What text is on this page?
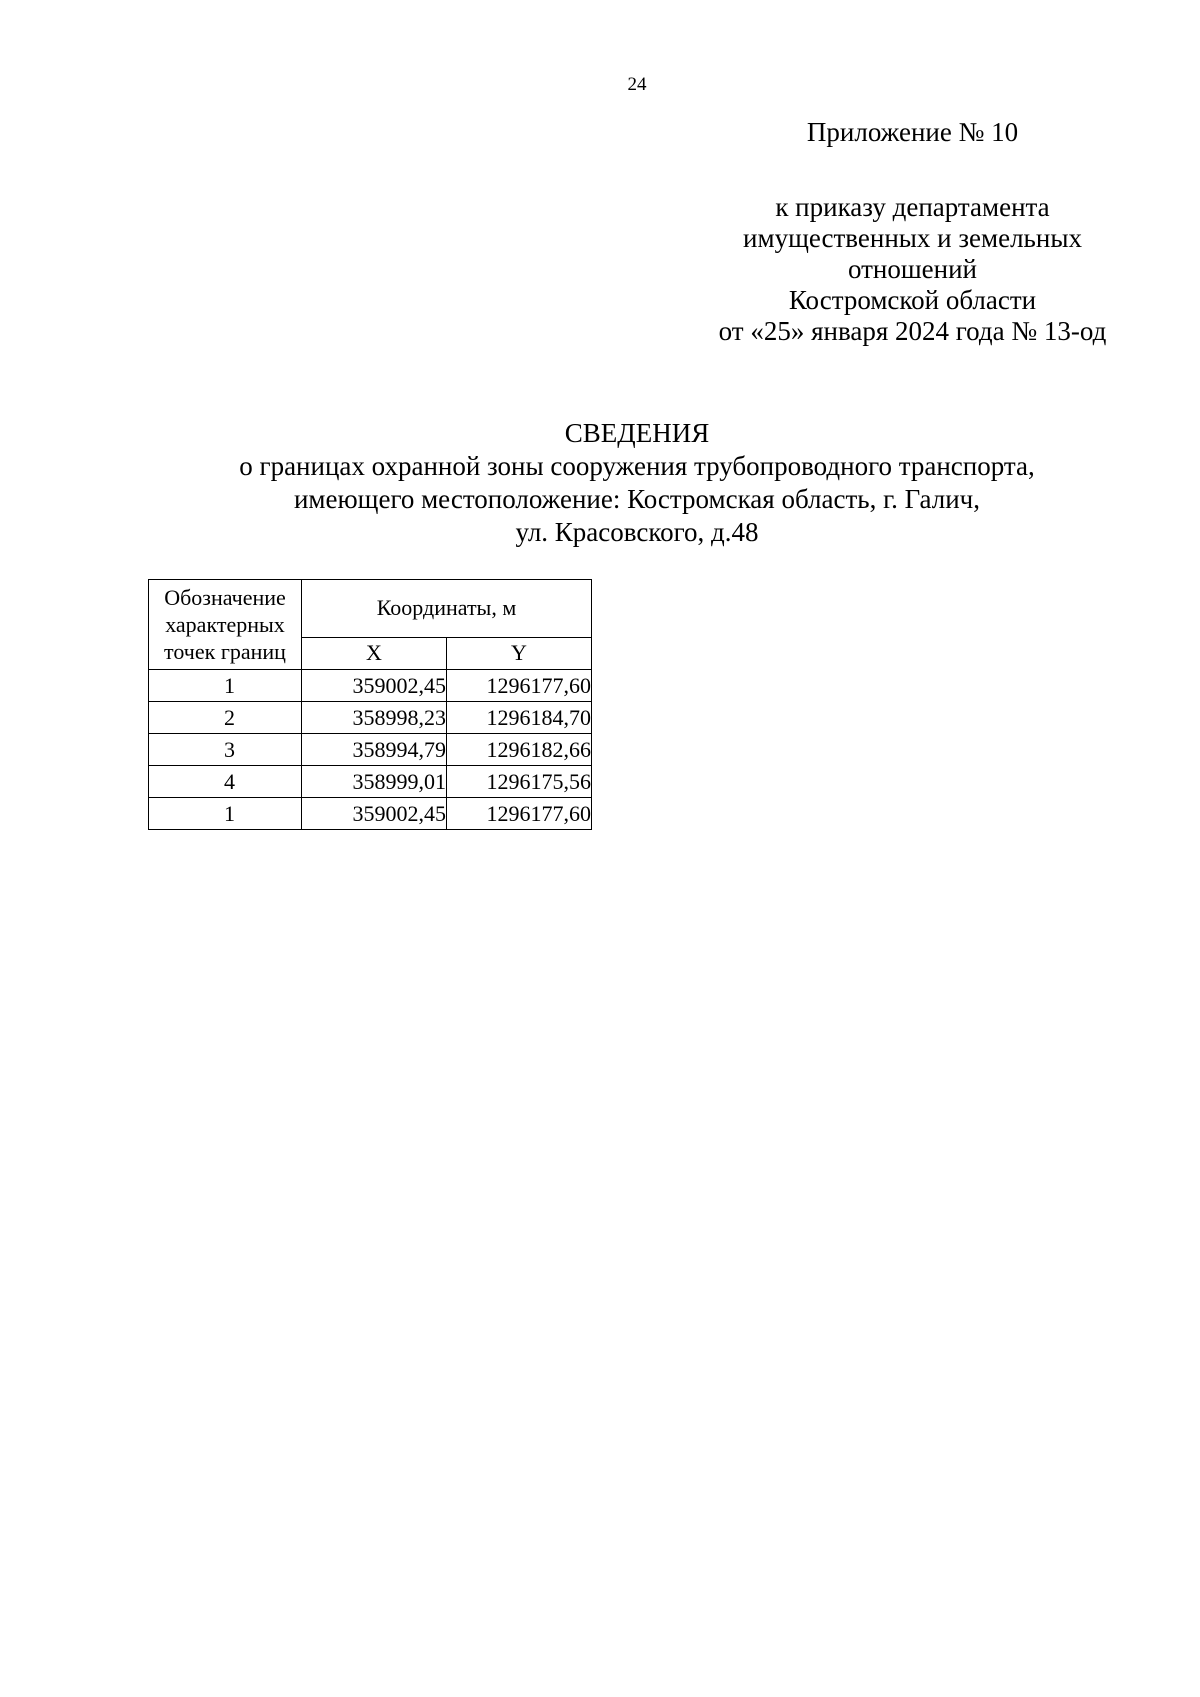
24
Приложение № 10
к приказу департамента
имущественных и земельных
отношений
Костромской области
от «25» января 2024 года № 13-од
СВЕДЕНИЯ
о границах охранной зоны сооружения трубопроводного транспорта,
имеющего местоположение: Костромская область, г. Галич,
ул. Красовского, д.48
Обозначение
характерных
точек границ	Координаты, м	
	X	Y
1	359002,45	1296177,60
2	358998,23	1296184,70
3	358994,79	1296182,66
4	358999,01	1296175,56
1	359002,45	1296177,60
